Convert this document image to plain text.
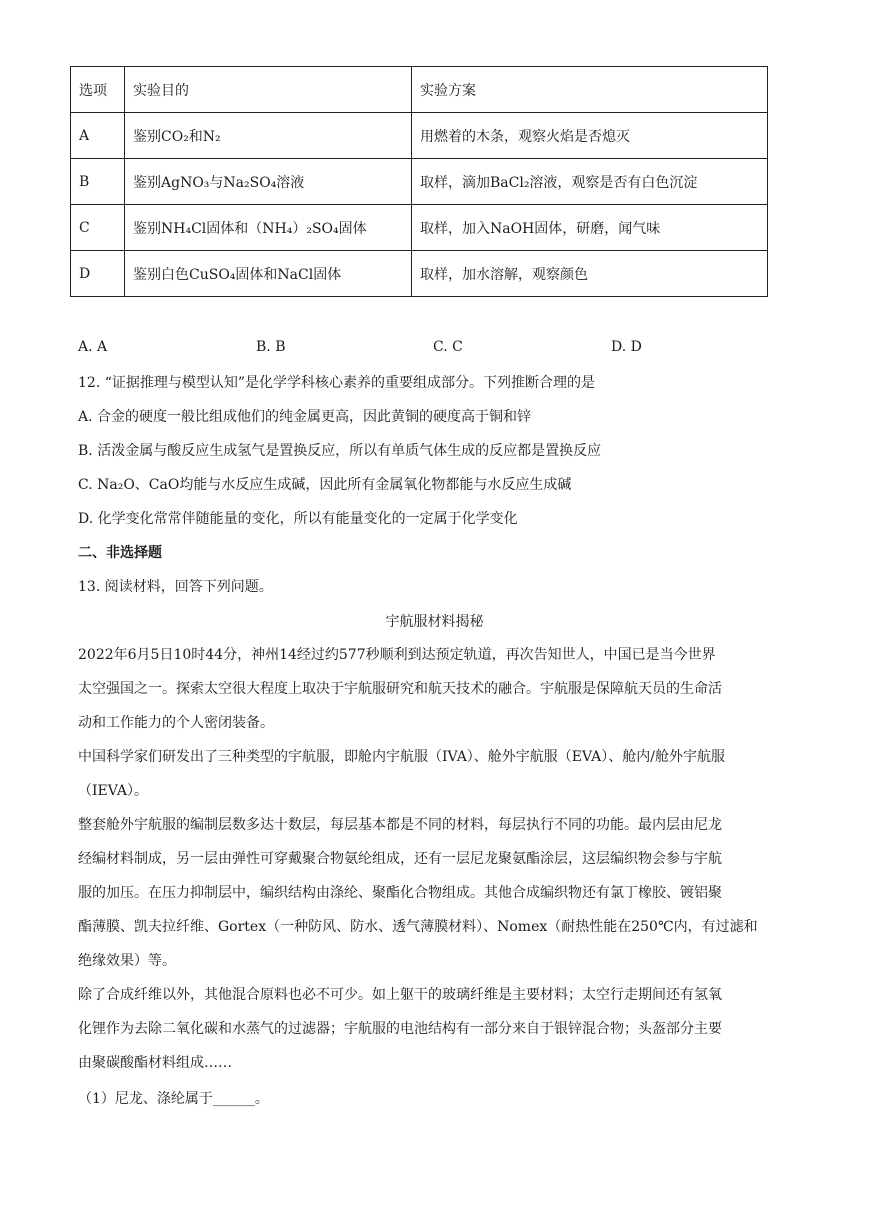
选项	实验目的	实验方案
A	鉴别CO₂和N₂	用燃着的木条，观察火焰是否熄灭
B	鉴别AgNO₃与Na₂SO₄溶液	取样，滴加BaCl₂溶液，观察是否有白色沉淀
C	鉴别NH₄Cl固体和（NH₄）₂SO₄固体	取样，加入NaOH固体，研磨，闻气味
D	鉴别白色CuSO₄固体和NaCl固体	取样，加水溶解，观察颜色
A. A	B. B	C. C	D. D
12. “证据推理与模型认知”是化学学科核心素养的重要组成部分。下列推断合理的是
A. 合金的硬度一般比组成他们的纯金属更高，因此黄铜的硬度高于铜和锌
B. 活泼金属与酸反应生成氢气是置换反应，所以有单质气体生成的反应都是置换反应
C. Na₂O、CaO均能与水反应生成碱，因此所有金属氧化物都能与水反应生成碱
D. 化学变化常常伴随能量的变化，所以有能量变化的一定属于化学变化
二、非选择题
13. 阅读材料，回答下列问题。
宇航服材料揭秘
2022年6月5日10时44分，神州14经过约577秒顺利到达预定轨道，再次告知世人，中国已是当今世界
太空强国之一。探索太空很大程度上取决于宇航服研究和航天技术的融合。宇航服是保障航天员的生命活
动和工作能力的个人密闭装备。
中国科学家们研发出了三种类型的宇航服，即舱内宇航服（IVA）、舱外宇航服（EVA）、舱内/舱外宇航服
（IEVA）。
整套舱外宇航服的编制层数多达十数层，每层基本都是不同的材料，每层执行不同的功能。最内层由尼龙
经编材料制成，另一层由弹性可穿戴聚合物氨纶组成，还有一层尼龙聚氨酯涂层，这层编织物会参与宇航
服的加压。在压力抑制层中，编织结构由涤纶、聚酯化合物组成。其他合成编织物还有氯丁橡胶、镀铝聚
酯薄膜、凯夫拉纤维、Gortex（一种防风、防水、透气薄膜材料）、Nomex（耐热性能在250℃内，有过滤和
绝缘效果）等。
除了合成纤维以外，其他混合原料也必不可少。如上躯干的玻璃纤维是主要材料；太空行走期间还有氢氧
化锂作为去除二氧化碳和水蒸气的过滤器；宇航服的电池结构有一部分来自于银锌混合物；头盔部分主要
由聚碳酸酯材料组成……
（1）尼龙、涤纶属于______。
